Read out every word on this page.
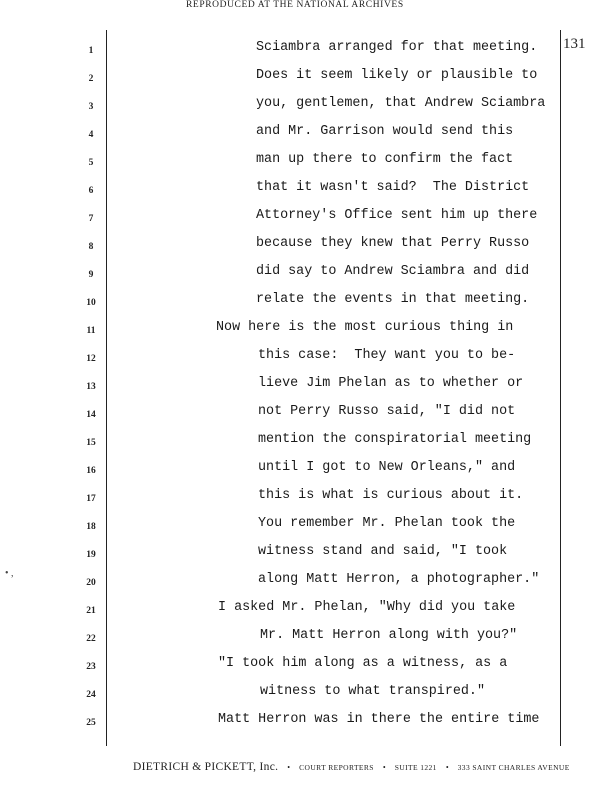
REPRODUCED AT THE NATIONAL ARCHIVES
131
• ,
1	Sciambra arranged for that meeting.
2	Does it seem likely or plausible to
3	you, gentlemen, that Andrew Sciambra
4	and Mr. Garrison would send this
5	man up there to confirm the fact
6	that it wasn't said?  The District
7	Attorney's Office sent him up there
8	because they knew that Perry Russo
9	did say to Andrew Sciambra and did
10	relate the events in that meeting.
11	Now here is the most curious thing in
12	this case:  They want you to be-
13	lieve Jim Phelan as to whether or
14	not Perry Russo said, "I did not
15	mention the conspiratorial meeting
16	until I got to New Orleans," and
17	this is what is curious about it.
18	You remember Mr. Phelan took the
19	witness stand and said, "I took
20	along Matt Herron, a photographer."
21	I asked Mr. Phelan, "Why did you take
22	Mr. Matt Herron along with you?"
23	"I took him along as a witness, as a
24	witness to what transpired."
25	Matt Herron was in there the entire time
DIETRICH & PICKETT, Inc. • COURT REPORTERS • SUITE 1221 • 333 SAINT CHARLES AVENUE
